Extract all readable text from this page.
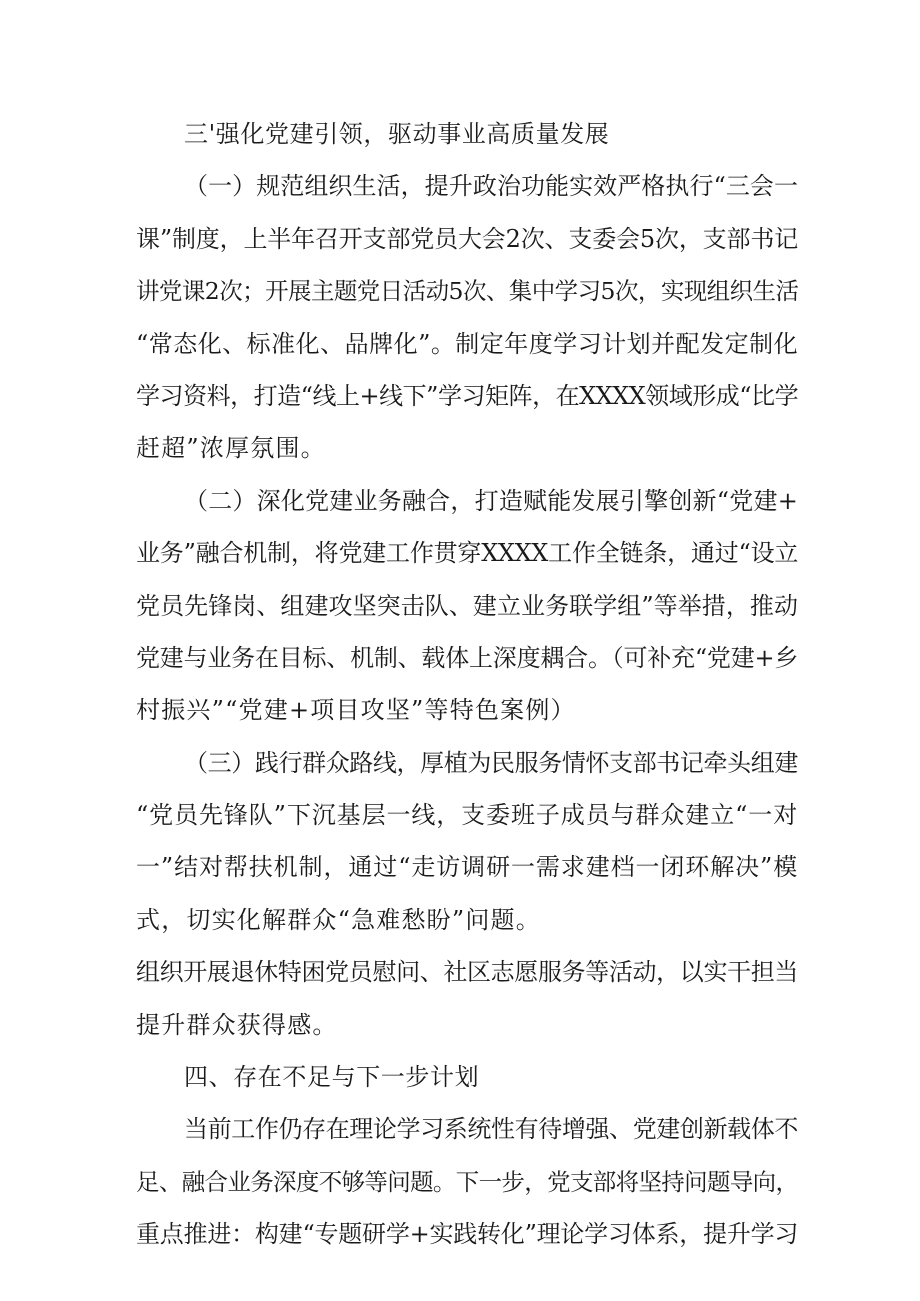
三'强化党建引领，驱动事业高质量发展
（一）规范组织生活，提升政治功能实效严格执行“三会一
课”制度，上半年召开支部党员大会2次、支委会5次，支部书记
讲党课2次；开展主题党日活动5次、集中学习5次，实现组织生活
“常态化、标准化、品牌化”。制定年度学习计划并配发定制化
学习资料，打造“线上+线下”学习矩阵，在XXXX领域形成“比学
赶超”浓厚氛围。
（二）深化党建业务融合，打造赋能发展引擎创新“党建+
业务”融合机制，将党建工作贯穿XXXX工作全链条，通过“设立
党员先锋岗、组建攻坚突击队、建立业务联学组”等举措，推动
党建与业务在目标、机制、载体上深度耦合。（可补充“党建+乡
村振兴”“党建+项目攻坚”等特色案例）
（三）践行群众路线，厚植为民服务情怀支部书记牵头组建
“党员先锋队”下沉基层一线，支委班子成员与群众建立“一对
一”结对帮扶机制，通过“走访调研一需求建档一闭环解决”模
式，切实化解群众“急难愁盼”问题。
组织开展退休特困党员慰问、社区志愿服务等活动，以实干担当
提升群众获得感。
四、存在不足与下一步计划
当前工作仍存在理论学习系统性有待增强、党建创新载体不
足、融合业务深度不够等问题。下一步，党支部将坚持问题导向，
重点推进：构建“专题研学+实践转化”理论学习体系，提升学习
